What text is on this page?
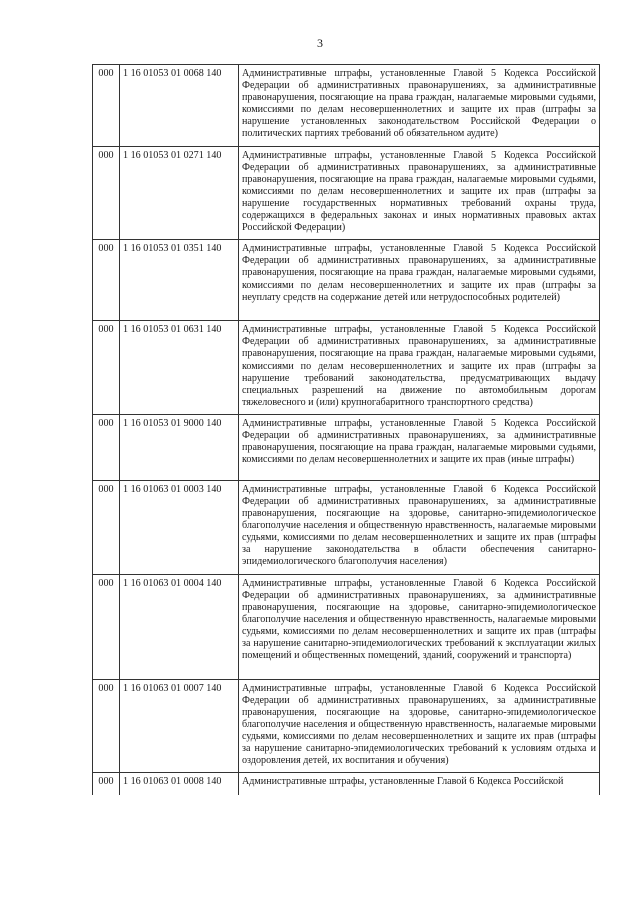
3
000	1 16 01053 01 0068 140	Административные штрафы, установленные Главой 5 Кодекса Российской Федерации об административных правонарушениях, за административные правонарушения, посягающие на права граждан, налагаемые мировыми судьями, комиссиями по делам несовершеннолетних и защите их прав (штрафы за нарушение установленных законодательством Российской Федерации о политических партиях требований об обязательном аудите)

000	1 16 01053 01 0271 140	Административные штрафы, установленные Главой 5 Кодекса Российской Федерации об административных правонарушениях, за административные правонарушения, посягающие на права граждан, налагаемые мировыми судьями, комиссиями по делам несовершеннолетних и защите их прав (штрафы за нарушение государственных нормативных требований охраны труда, содержащихся в федеральных законах и иных нормативных правовых актах Российской Федерации)

000	1 16 01053 01 0351 140	Административные штрафы, установленные Главой 5 Кодекса Российской Федерации об административных правонарушениях, за административные правонарушения, посягающие на права граждан, налагаемые мировыми судьями, комиссиями по делам несовершеннолетних и защите их прав (штрафы за неуплату средств на содержание детей или нетрудоспособных родителей)

000	1 16 01053 01 0631 140	Административные штрафы, установленные Главой 5 Кодекса Российской Федерации об административных правонарушениях, за административные правонарушения, посягающие на права граждан, налагаемые мировыми судьями, комиссиями по делам несовершеннолетних и защите их прав (штрафы за нарушение требований законодательства, предусматривающих выдачу специальных разрешений на движение по автомобильным дорогам тяжеловесного и (или) крупногабаритного транспортного средства)

000	1 16 01053 01 9000 140	Административные штрафы, установленные Главой 5 Кодекса Российской Федерации об административных правонарушениях, за административные правонарушения, посягающие на права граждан, налагаемые мировыми судьями, комиссиями по делам несовершеннолетних и защите их прав (иные штрафы)

000	1 16 01063 01 0003 140	Административные штрафы, установленные Главой 6 Кодекса Российской Федерации об административных правонарушениях, за административные правонарушения, посягающие на здоровье, санитарно-эпидемиологическое благополучие населения и общественную нравственность, налагаемые мировыми судьями, комиссиями по делам несовершеннолетних и защите их прав (штрафы за нарушение законодательства в области обеспечения санитарно-эпидемиологического благополучия населения)

000	1 16 01063 01 0004 140	Административные штрафы, установленные Главой 6 Кодекса Российской Федерации об административных правонарушениях, за административные правонарушения, посягающие на здоровье, санитарно-эпидемиологическое благополучие населения и общественную нравственность, налагаемые мировыми судьями, комиссиями по делам несовершеннолетних и защите их прав (штрафы за нарушение санитарно-эпидемиологических требований к эксплуатации жилых помещений и общественных помещений, зданий, сооружений и транспорта)

000	1 16 01063 01 0007 140	Административные штрафы, установленные Главой 6 Кодекса Российской Федерации об административных правонарушениях, за административные правонарушения, посягающие на здоровье, санитарно-эпидемиологическое благополучие населения и общественную нравственность, налагаемые мировыми судьями, комиссиями по делам несовершеннолетних и защите их прав (штрафы за нарушение санитарно-эпидемиологических требований к условиям отдыха и оздоровления детей, их воспитания и обучения)

000	1 16 01063 01 0008 140	Административные штрафы, установленные Главой 6 Кодекса Российской
